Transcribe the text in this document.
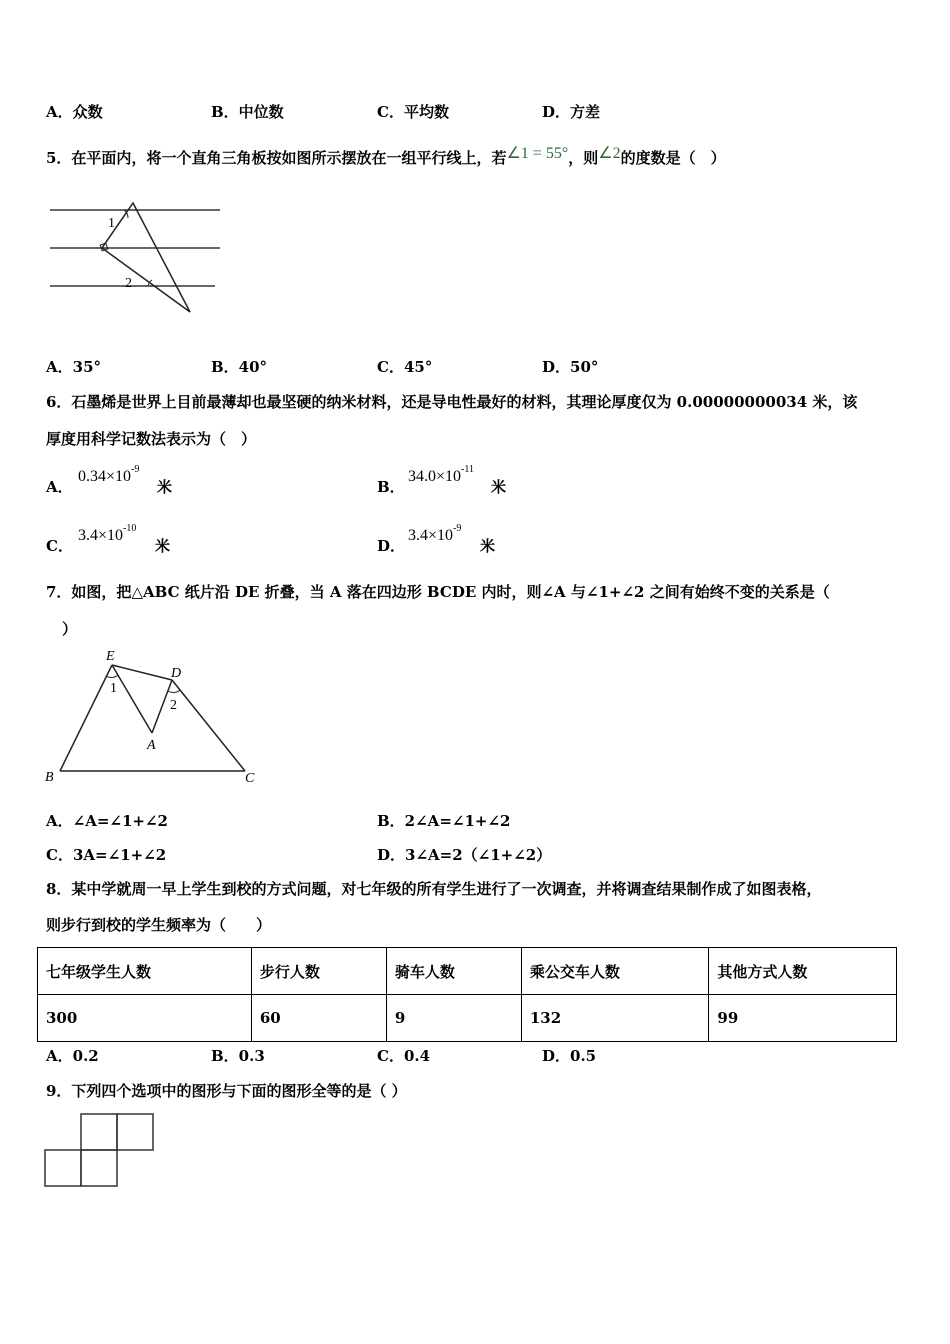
A．众数	B．中位数	C．平均数	D．方差
5．在平面内，将一个直角三角板按如图所示摆放在一组平行线上，若∠1 = 55°，则∠2的度数是（　）
1
2
A．35°	B．40°	C．45°	D．50°
6．石墨烯是世界上目前最薄却也最坚硬的纳米材料，还是导电性最好的材料，其理论厚度仅为 0.00000000034 米，该
厚度用科学记数法表示为（　）
A．
$0.34\times 10^{-9}$
米	B．
$34.0\times 10^{-11}$
米
C．
$3.4\times 10^{-10}$
米	D．
$3.4\times 10^{-9}$
米
7．如图，把△ABC 纸片沿 DE 折叠，当 A 落在四边形 BCDE 内时，则∠A 与∠1+∠2 之间有始终不变的关系是（
）
E
D
A
B	C
1
2
A．∠A=∠1+∠2	B．2∠A=∠1+∠2
C．3A=∠1+∠2	D．3∠A=2（∠1+∠2）
8．某中学就周一早上学生到校的方式问题，对七年级的所有学生进行了一次调查，并将调查结果制作成了如图表格，
则步行到校的学生频率为（　　）
七年级学生人数	步行人数	骑车人数	乘公交车人数	其他方式人数
300	60	9	132	99
A．0.2	B．0.3	C．0.4	D．0.5
9．下列四个选项中的图形与下面的图形全等的是（ ）
